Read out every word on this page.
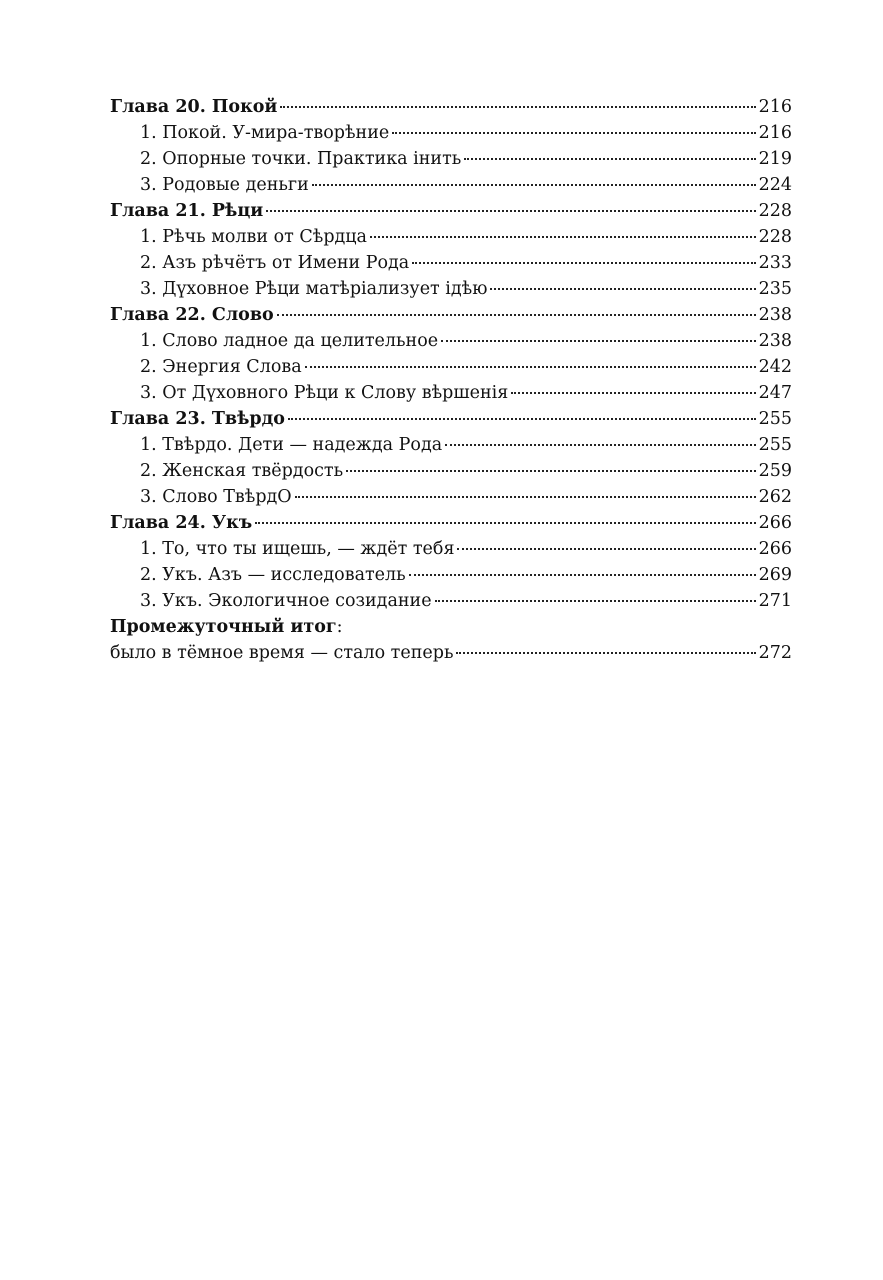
Глава 20. Покой	216
1. Покой. У-мира-творѣние	216
2. Опорные точки. Практика інить	219
3. Родовые деньги	224
Глава 21. Рѣци	228
1. Рѣчь молви от Сѣрдца	228
2. Азъ рѣчётъ от Имени Рода	233
3. Дүховное Рѣци матѣріализует ідѣю	235
Глава 22. Слово	238
1. Слово ладное да целительное	238
2. Энергия Слова	242
3. От Дүховного Рѣци к Слову вѣршенія	247
Глава 23. Твѣрдо	255
1. Твѣрдо. Дети — надежда Рода	255
2. Женская твёрдость	259
3. Слово ТвѣрдО	262
Глава 24. Укъ	266
1. То, что ты ищешь, — ждёт тебя	266
2. Укъ. Азъ — исследователь	269
3. Укъ. Экологичное созидание	271
Промежуточный итог :
было в тёмное время — стало теперь	272
